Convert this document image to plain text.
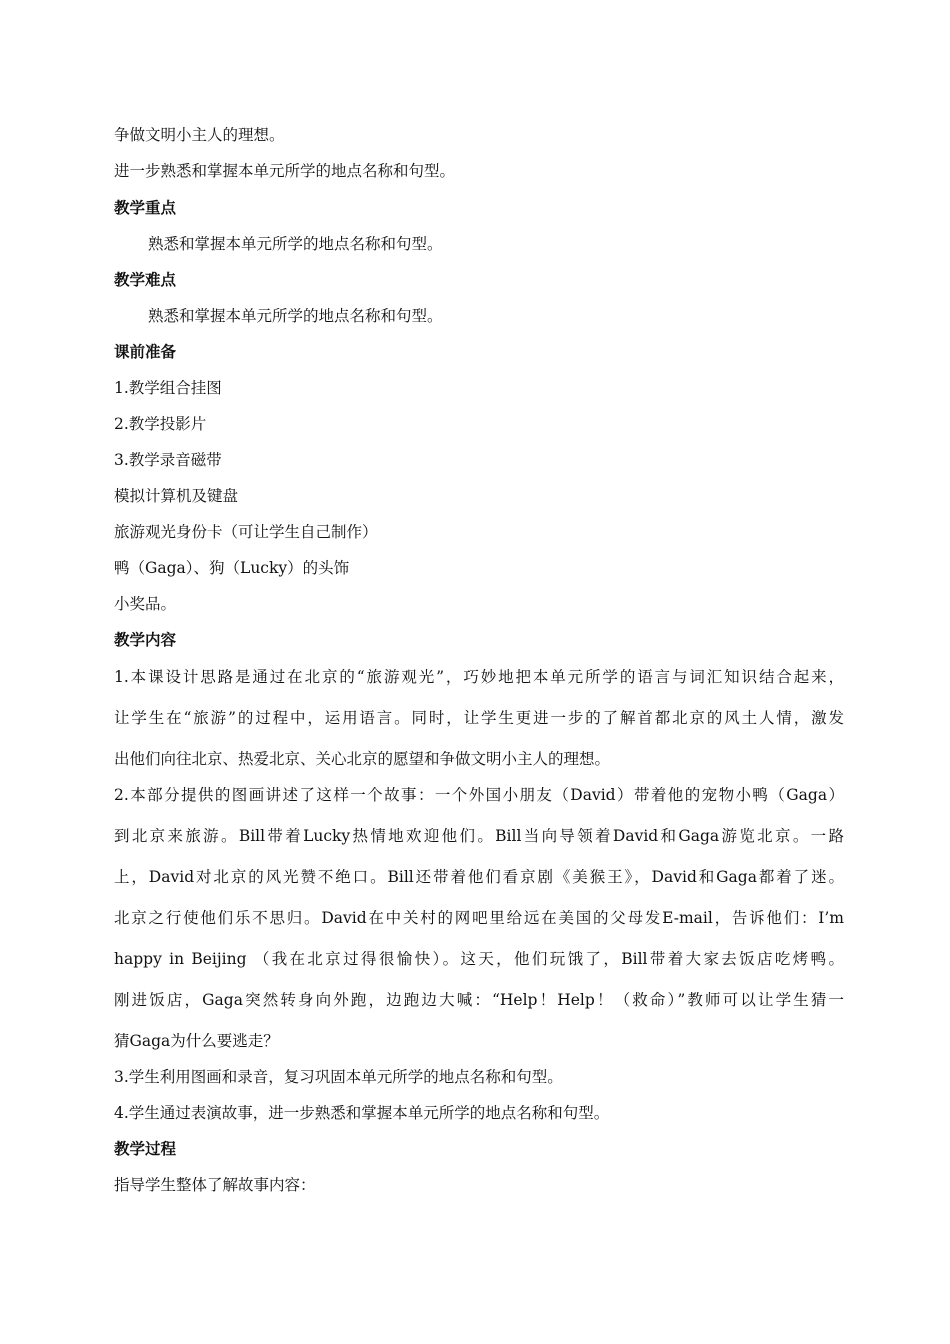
争做文明小主人的理想。
进一步熟悉和掌握本单元所学的地点名称和句型。
教学重点
熟悉和掌握本单元所学的地点名称和句型。
教学难点
熟悉和掌握本单元所学的地点名称和句型。
课前准备
1.教学组合挂图
2.教学投影片
3.教学录音磁带
模拟计算机及键盘
旅游观光身份卡（可让学生自己制作）
鸭（Gaga）、狗（Lucky）的头饰
小奖品。
教学内容
1.本课设计思路是通过在北京的“旅游观光”，巧妙地把本单元所学的语言与词汇知识结合起来，
让学生在“旅游”的过程中，运用语言。同时，让学生更进一步的了解首都北京的风土人情，激发
出他们向往北京、热爱北京、关心北京的愿望和争做文明小主人的理想。
2.本部分提供的图画讲述了这样一个故事：一个外国小朋友（David）带着他的宠物小鸭（Gaga）
到北京来旅游。Bill带着Lucky热情地欢迎他们。Bill当向导领着David和Gaga游览北京。一路
上，David对北京的风光赞不绝口。Bill还带着他们看京剧《美猴王》，David和Gaga都着了迷。
北京之行使他们乐不思归。David在中关村的网吧里给远在美国的父母发E-mail，告诉他们：I’m
happy in Beijing （我在北京过得很愉快）。这天，他们玩饿了，Bill带着大家去饭店吃烤鸭。
刚进饭店，Gaga突然转身向外跑，边跑边大喊：“Help！Help！（救命）”教师可以让学生猜一
猜Gaga为什么要逃走？
3.学生利用图画和录音，复习巩固本单元所学的地点名称和句型。
4.学生通过表演故事，进一步熟悉和掌握本单元所学的地点名称和句型。
教学过程
指导学生整体了解故事内容：
